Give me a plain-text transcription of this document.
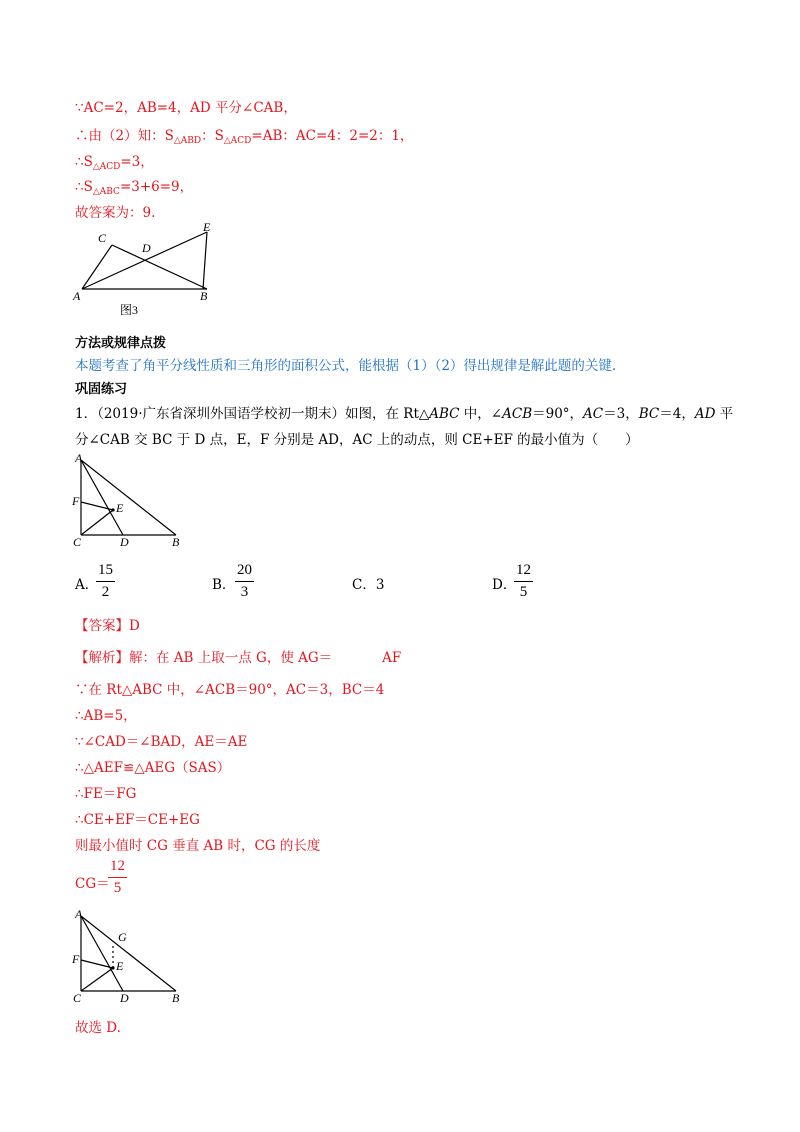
∵AC=2，AB=4，AD 平分∠CAB，
∴由（2）知：$S_{\triangle ABD}$：$S_{\triangle ACD}=AB$：AC=4：2=2：1，
$\therefore S_{\triangle ACD}=3$，
$\therefore S_{\triangle ABC}=3+6=9$，
故答案为：9.
C
D
E
A	B
图3
方法或规律点拨
本题考查了角平分线性质和三角形的面积公式，能根据（1）（2）得出规律是解此题的关键.
巩固练习
1．（2019·广东省深圳外国语学校初一期末）如图，在 Rt△ABC 中，∠ACB＝90°，AC＝3，BC＝4，AD 平
分∠CAB 交 BC 于 D 点，E，F 分别是 AD，AC 上的动点，则 CE+EF 的最小值为（　　）
A
F	E
C	D	B
A．
15
2	B．
20
3	C．3	D．
12
5
【答案】D
【解析】解：在 AB 上取一点 G，使 AG＝	AF
∵在 Rt△ABC 中，∠ACB＝90°，AC＝3，BC＝4
∴AB=5，
∵∠CAD＝∠BAD，AE＝AE
∴△AEF≌△AEG（SAS）
∴FE＝FG
∴CE+EF＝CE+EG
则最小值时 CG 垂直 AB 时，CG 的长度
CG＝
12
5
A
G
F	E
C	D	B
故选 D.
